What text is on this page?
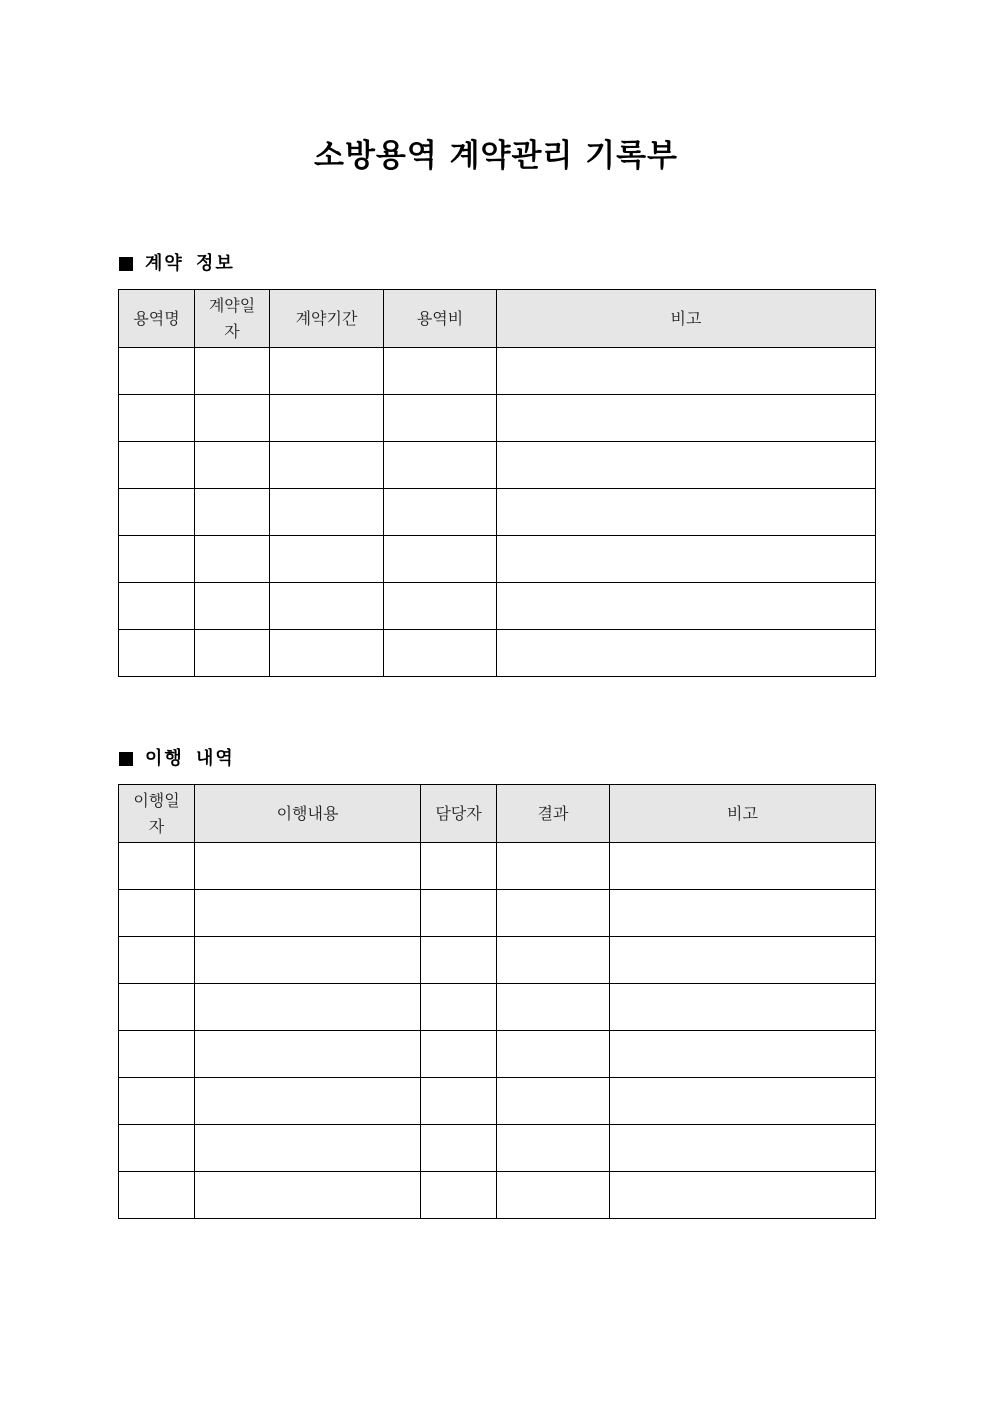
소방용역 계약관리 기록부
계약 정보
용역명	계약일자	계약기간	용역비	비고

이행 내역
이행일자	이행내용	담당자	결과	비고
